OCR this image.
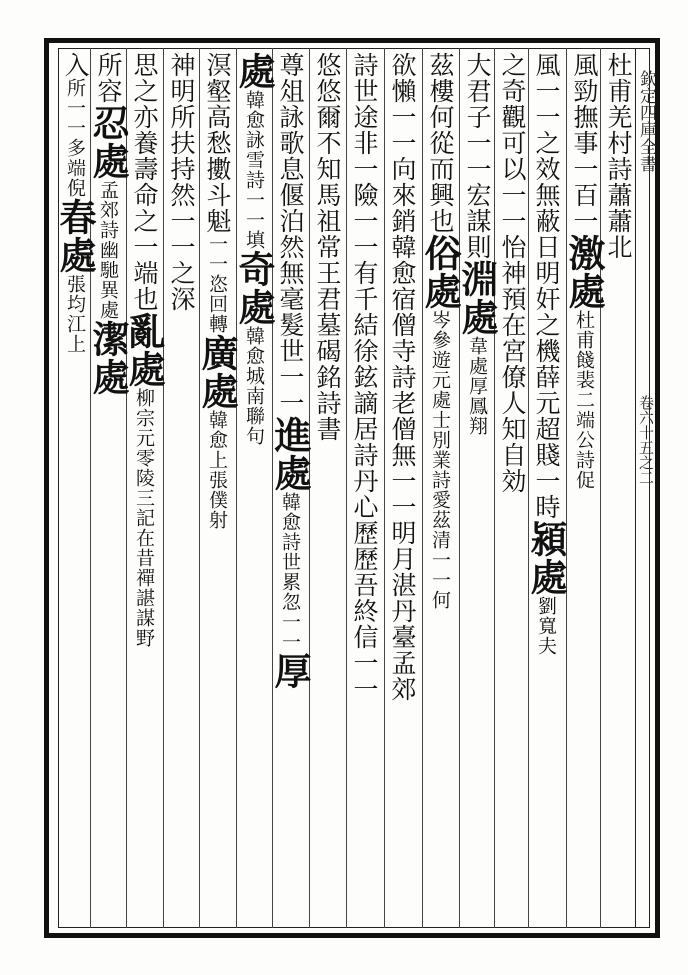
欽定四庫全書
卷六十五之二
杜甫羌村詩蕭蕭北
風勁撫事一百一激處杜甫餞裴二端公詩促
風一一之效無蔽日明奸之機薛元超賤一時潁處劉寬夫
之奇觀可以一一怡神預在宮僚人知自効
大君子一一宏謀則淵處韋處厚鳳翔
茲樓何從而興也俗處岑參遊元處士別業詩愛茲清一一何
欲懶一一向來銷韓愈宿僧寺詩老僧無一一明月湛丹臺孟郊
詩世途非一險一一有千結徐鉉謫居詩丹心歷歷吾終信一一
悠悠爾不知馬祖常王君墓碣銘詩書
尊俎詠歌息偃泊然無毫髮世一一進處韓愈詩世累忽一一厚
處韓愈詠雪詩一一填奇處韓愈城南聯句
溟壑高愁擻斗魁一一恣回轉廣處韓愈上張僕射
神明所扶持然一一之深
思之亦養壽命之一端也亂處柳宗元零陵三記在昔禪諶謀野
所容忍處孟郊詩幽馳異處潔處
入所一一多端倪春處張均江上
